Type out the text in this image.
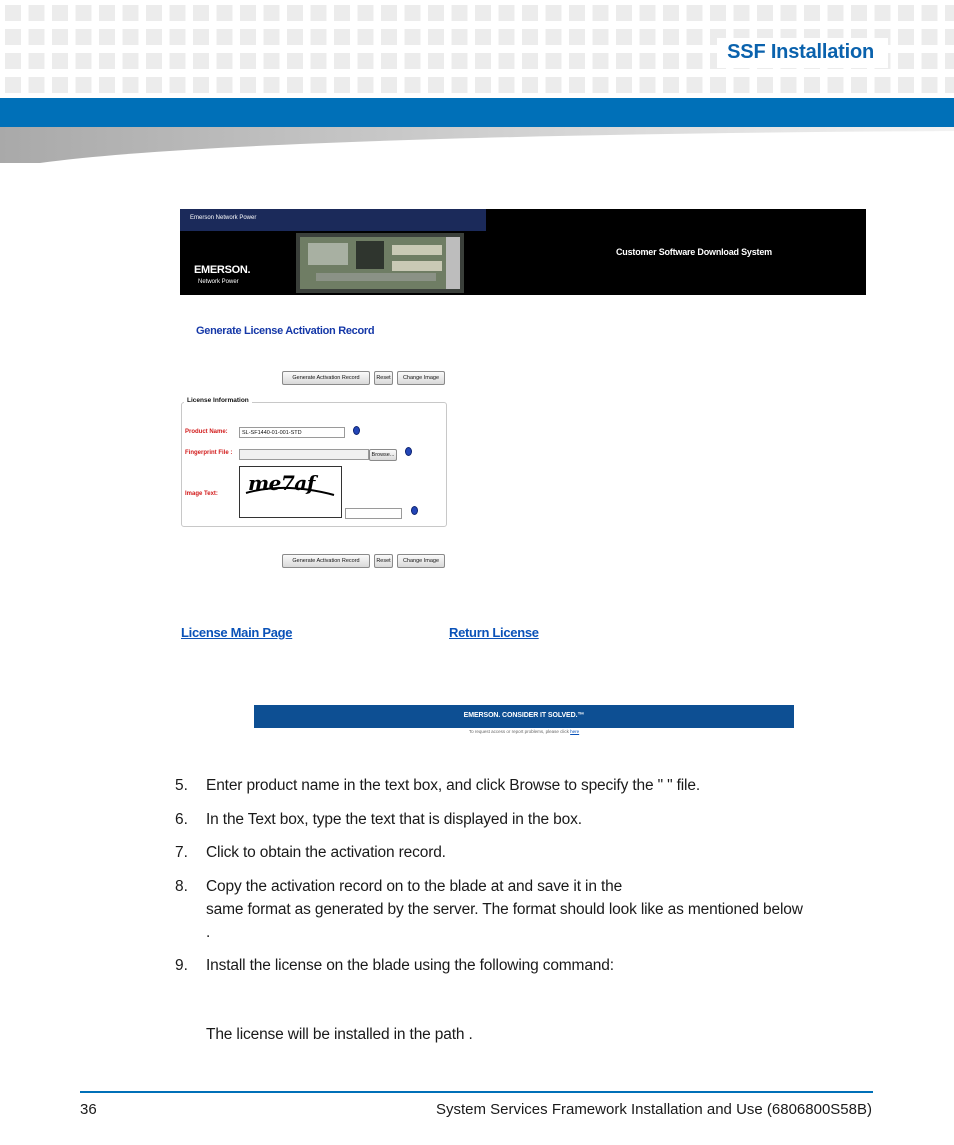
SSF Installation
Emerson Network Power
EMERSON.
Network Power
Customer Software Download System
Generate License Activation Record
Generate Activation Record	Reset	Change Image
License Information
Product Name:	SL-SF1440-01-001-STD
Fingerprint File :	Browse...
Image Text: me7af
Generate Activation Record	Reset	Change Image
License Main Page	Return License
EMERSON. CONSIDER IT SOLVED.™
To request access or report problems, please click here
5. Enter product name in the text box, and click Browse to specify the " " file.
6. In the Text box, type the text that is displayed in the box.
7. Click to obtain the activation record.
8. Copy the activation record on to the blade at and save it in the
same format as generated by the server. The format should look like as mentioned below
.
9. Install the license on the blade using the following command:
The license will be installed in the path .
36	System Services Framework Installation and Use (6806800S58B)
